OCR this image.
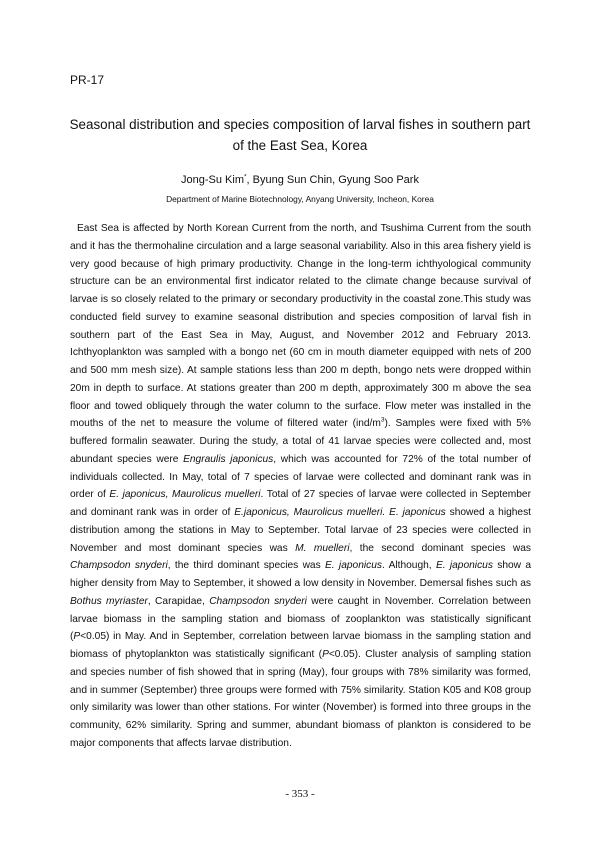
PR-17
Seasonal distribution and species composition of larval fishes in southern part of the East Sea, Korea
Jong-Su Kim*, Byung Sun Chin, Gyung Soo Park
Department of Marine Biotechnology, Anyang University, Incheon, Korea

East Sea is affected by North Korean Current from the north, and Tsushima Current from the south and it has the thermohaline circulation and a large seasonal variability. Also in this area fishery yield is very good because of high primary productivity. Change in the long-term ichthyological community structure can be an environmental first indicator related to the climate change because survival of larvae is so closely related to the primary or secondary productivity in the coastal zone.This study was conducted field survey to examine seasonal distribution and species composition of larval fish in southern part of the East Sea in May, August, and November 2012 and February 2013. Ichthyoplankton was sampled with a bongo net (60 cm in mouth diameter equipped with nets of 200 and 500 mm mesh size). At sample stations less than 200 m depth, bongo nets were dropped within 20m in depth to surface. At stations greater than 200 m depth, approximately 300 m above the sea floor and towed obliquely through the water column to the surface. Flow meter was installed in the mouths of the net to measure the volume of filtered water $(ind/m^3)$. Samples were fixed with 5% buffered formalin seawater. During the study, a total of 41 larvae species were collected and, most abundant species were Engraulis japonicus, which was accounted for 72% of the total number of individuals collected. In May, total of 7 species of larvae were collected and dominant rank was in order of E. japonicus, Maurolicus muelleri. Total of 27 species of larvae were collected in September and dominant rank was in order of E.japonicus, Maurolicus muelleri. E. japonicus showed a highest distribution among the stations in May to September. Total larvae of 23 species were collected in November and most dominant species was M. muelleri, the second dominant species was Champsodon snyderi, the third dominant species was E. japonicus. Although, E. japonicus show a higher density from May to September, it showed a low density in November. Demersal fishes such as Bothus myriaster, Carapidae, Champsodon snyderi were caught in November. Correlation between larvae biomass in the sampling station and biomass of zooplankton was statistically significant (P<0.05) in May. And in September, correlation between larvae biomass in the sampling station and biomass of phytoplankton was statistically significant (P<0.05). Cluster analysis of sampling station and species number of fish showed that in spring (May), four groups with 78% similarity was formed, and in summer (September) three groups were formed with 75% similarity. Station K05 and K08 group only similarity was lower than other stations. For winter (November) is formed into three groups in the community, 62% similarity. Spring and summer, abundant biomass of plankton is considered to be major components that affects larvae distribution.

- 353 -
